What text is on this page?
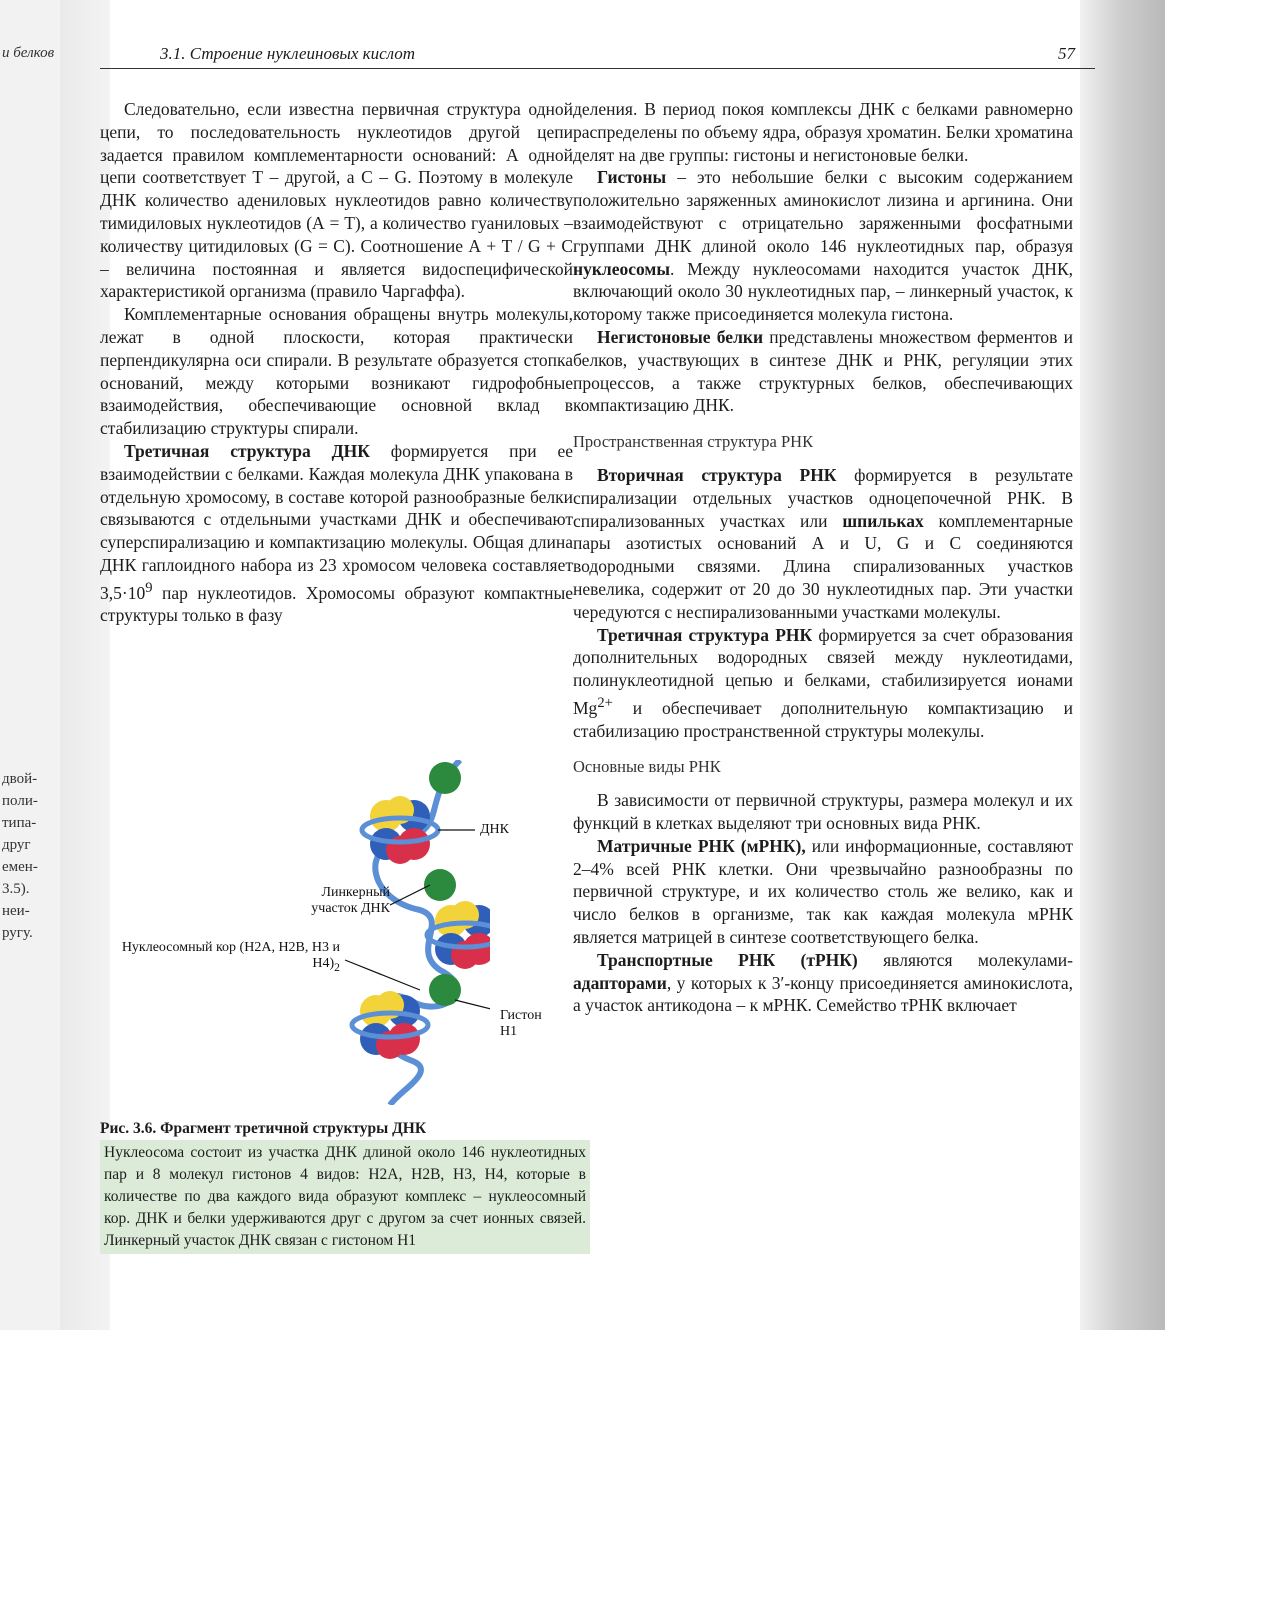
и белков
двой-
поли-
типа-
друг
емен-
3.5).
неи-
ругу.
3.1. Строение нуклеиновых кислот	57

Следовательно, если известна первичная структура одной цепи, то последовательность нуклеотидов другой цепи задается правилом комплементарности оснований: А одной цепи соответствует Т – другой, а С – G. Поэтому в молекуле ДНК количество адениловых нуклеотидов равно количеству тимидиловых нуклеотидов (А = Т), а количество гуаниловых – количеству цитидиловых (G = С). Соотношение А + Т / G + С – величина постоянная и является видоспецифической характеристикой организма (правило Чаргаффа).

Комплементарные основания обращены внутрь молекулы, лежат в одной плоскости, которая практически перпендикулярна оси спирали. В результате образуется стопка оснований, между которыми возникают гидрофобные взаимодействия, обеспечивающие основной вклад в стабилизацию структуры спирали.

Третичная структура ДНК формируется при ее взаимодействии с белками. Каждая молекула ДНК упакована в отдельную хромосому, в составе которой разнообразные белки связываются с отдельными участками ДНК и обеспечивают суперспирализацию и компактизацию молекулы. Общая длина ДНК гаплоидного набора из 23 хромосом человека составляет $3,5\cdot 10^9$ пар нуклеотидов. Хромосомы образуют компактные структуры только в фазу

ДНК
Линкерный участок ДНК
Нуклеосомный кор (Н2А, Н2В, Н3 и $Н4)_2$
Гистон Н1
Рис. 3.6. Фрагмент третичной структуры ДНК
Нуклеосома состоит из участка ДНК длиной около 146 нуклеотидных пар и 8 молекул гистонов 4 видов: Н2А, Н2В, Н3, Н4, которые в количестве по два каждого вида образуют комплекс – нуклеосомный кор. ДНК и белки удерживаются друг с другом за счет ионных связей. Линкерный участок ДНК связан с гистоном Н1

деления. В период покоя комплексы ДНК с белками равномерно распределены по объему ядра, образуя хроматин. Белки хроматина делят на две группы: гистоны и негистоновые белки.

Гистоны – это небольшие белки с высоким содержанием положительно заряженных аминокислот лизина и аргинина. Они взаимодействуют с отрицательно заряженными фосфатными группами ДНК длиной около 146 нуклеотидных пар, образуя нуклеосомы. Между нуклеосомами находится участок ДНК, включающий около 30 нуклеотидных пар, – линкерный участок, к которому также присоединяется молекула гистона.

Негистоновые белки представлены множеством ферментов и белков, участвующих в синтезе ДНК и РНК, регуляции этих процессов, а также структурных белков, обеспечивающих компактизацию ДНК.

Пространственная структура РНК

Вторичная структура РНК формируется в результате спирализации отдельных участков одноцепочечной РНК. В спирализованных участках или шпильках комплементарные пары азотистых оснований А и U, G и С соединяются водородными связями. Длина спирализованных участков невелика, содержит от 20 до 30 нуклеотидных пар. Эти участки чередуются с неспирализованными участками молекулы.

Третичная структура РНК формируется за счет образования дополнительных водородных связей между нуклеотидами, полинуклеотидной цепью и белками, стабилизируется ионами $Mg^{2+}$ и обеспечивает дополнительную компактизацию и стабилизацию пространственной структуры молекулы.

Основные виды РНК

В зависимости от первичной структуры, размера молекул и их функций в клетках выделяют три основных вида РНК.

Матричные РНК (мРНК), или информационные, составляют 2–4% всей РНК клетки. Они чрезвычайно разнообразны по первичной структуре, и их количество столь же велико, как и число белков в организме, так как каждая молекула мРНК является матрицей в синтезе соответствующего белка.

Транспортные РНК (тРНК) являются молекулами-адапторами, у которых к 3′-концу присоединяется аминокислота, а участок антикодона – к мРНК. Семейство тРНК включает
